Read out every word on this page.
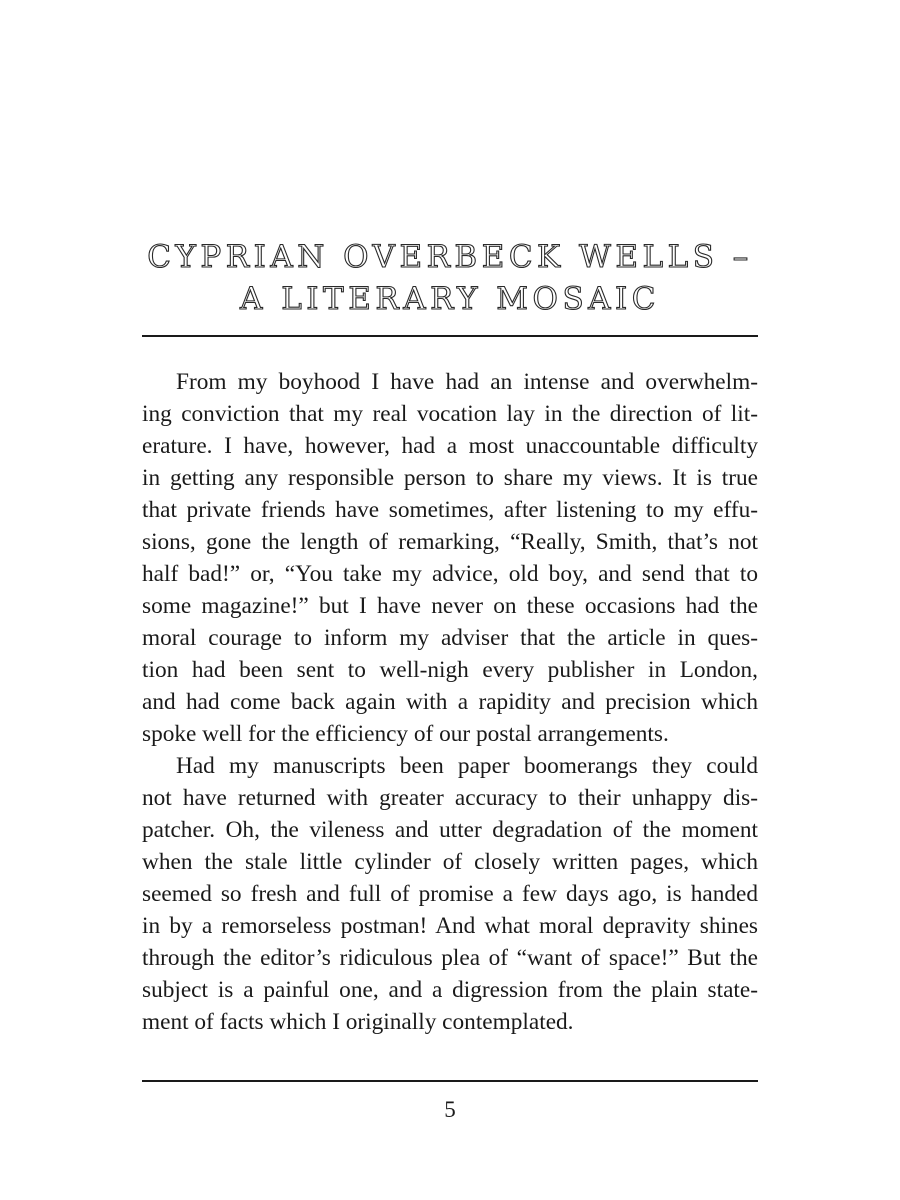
CYPRIAN OVERBECK WELLS –
A LITERARY MOSAIC

From my boyhood I have had an intense and overwhelm-
ing conviction that my real vocation lay in the direction of lit-
erature. I have, however, had a most unaccountable difficulty
in getting any responsible person to share my views. It is true
that private friends have sometimes, after listening to my effu-
sions, gone the length of remarking, “Really, Smith, that’s not
half bad!” or, “You take my advice, old boy, and send that to
some magazine!” but I have never on these occasions had the
moral courage to inform my adviser that the article in ques-
tion had been sent to well-nigh every publisher in London,
and had come back again with a rapidity and precision which
spoke well for the efficiency of our postal arrangements.

Had my manuscripts been paper boomerangs they could
not have returned with greater accuracy to their unhappy dis-
patcher. Oh, the vileness and utter degradation of the moment
when the stale little cylinder of closely written pages, which
seemed so fresh and full of promise a few days ago, is handed
in by a remorseless postman! And what moral depravity shines
through the editor’s ridiculous plea of “want of space!” But the
subject is a painful one, and a digression from the plain state-
ment of facts which I originally contemplated.

5
